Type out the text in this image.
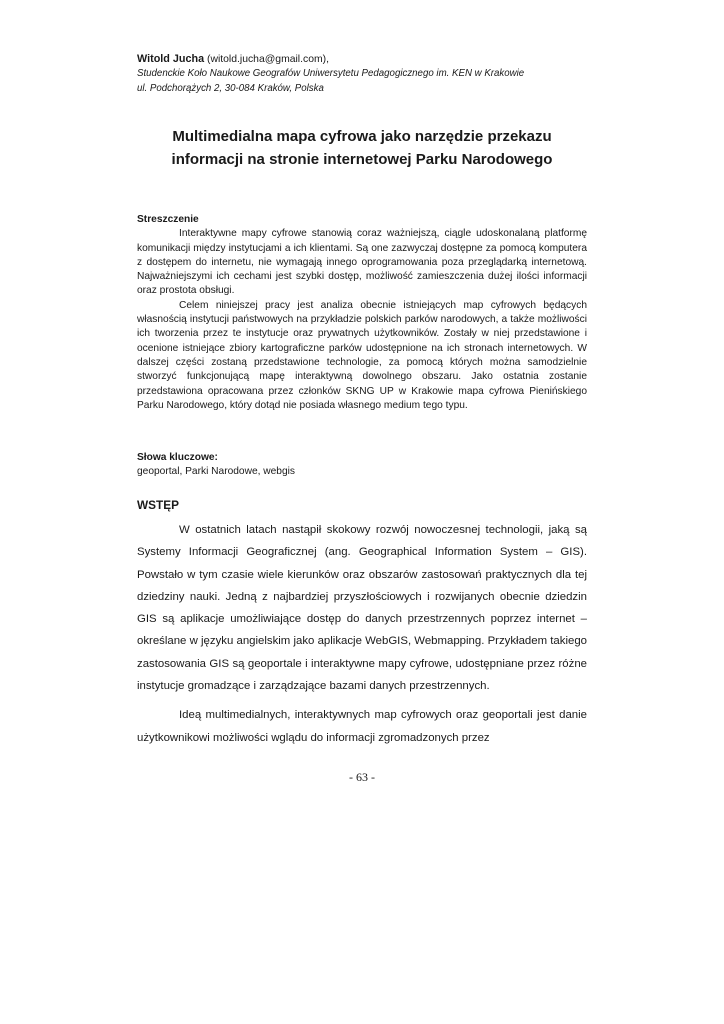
Witold Jucha (witold.jucha@gmail.com),
Studenckie Koło Naukowe Geografów Uniwersytetu Pedagogicznego im. KEN w Krakowie
ul. Podchorążych 2, 30-084 Kraków, Polska
Multimedialna mapa cyfrowa jako narzędzie przekazu
informacji na stronie internetowej Parku Narodowego
Streszczenie

Interaktywne mapy cyfrowe stanowią coraz ważniejszą, ciągle udoskonalaną platformę komunikacji między instytucjami a ich klientami. Są one zazwyczaj dostępne za pomocą komputera z dostępem do internetu, nie wymagają innego oprogramowania poza przeglądarką internetową. Najważniejszymi ich cechami jest szybki dostęp, możliwość zamieszczenia dużej ilości informacji oraz prostota obsługi.

Celem niniejszej pracy jest analiza obecnie istniejących map cyfrowych będących własnością instytucji państwowych na przykładzie polskich parków narodowych, a także możliwości ich tworzenia przez te instytucje oraz prywatnych użytkowników. Zostały w niej przedstawione i ocenione istniejące zbiory kartograficzne parków udostępnione na ich stronach internetowych. W dalszej części zostaną przedstawione technologie, za pomocą których można samodzielnie stworzyć funkcjonującą mapę interaktywną dowolnego obszaru. Jako ostatnia zostanie przedstawiona opracowana przez członków SKNG UP w Krakowie mapa cyfrowa Pienińskiego Parku Narodowego, który dotąd nie posiada własnego medium tego typu.

Słowa kluczowe:
geoportal, Parki Narodowe, webgis
WSTĘP

W ostatnich latach nastąpił skokowy rozwój nowoczesnej technologii, jaką są Systemy Informacji Geograficznej (ang. Geographical Information System – GIS). Powstało w tym czasie wiele kierunków oraz obszarów zastosowań praktycznych dla tej dziedziny nauki. Jedną z najbardziej przyszłościowych i rozwijanych obecnie dziedzin GIS są aplikacje umożliwiające dostęp do danych przestrzennych poprzez internet – określane w języku angielskim jako aplikacje WebGIS, Webmapping. Przykładem takiego zastosowania GIS są geoportale i interaktywne mapy cyfrowe, udostępniane przez różne instytucje gromadzące i zarządzające bazami danych przestrzennych.

Ideą multimedialnych, interaktywnych map cyfrowych oraz geoportali jest danie użytkownikowi możliwości wglądu do informacji zgromadzonych przez

- 63 -
